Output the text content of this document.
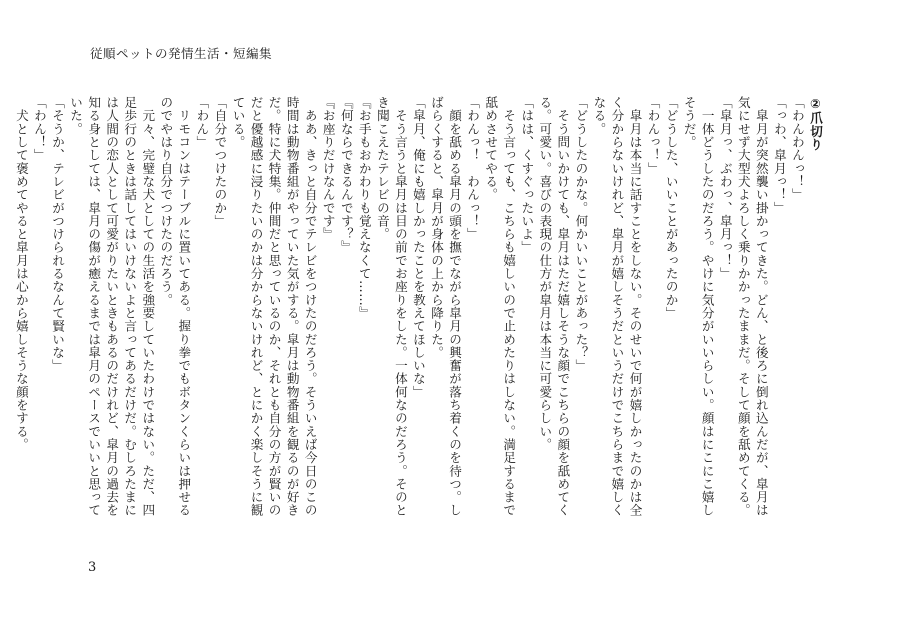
従順ペットの発情生活・短編集

②爪切り

「わんわんっ！」

「っわ、皐月っ！」

　皐月が突然襲い掛かってきた。どん、と後ろに倒れ込んだが、皐月は気にせず大型犬よろしく乗りかかったままだ。そして顔を舐めてくる。

「皐月っ、ぶわっ、皐月っ！」

　一体どうしたのだろう。やけに気分がいいらしい。顔はにこにこ嬉しそうだ。

「どうした、いいことがあったのか」

「わんっ！」

　皐月は本当に話すことをしない。そのせいで何が嬉しかったのかは全く分からないけれど、皐月が嬉しそうだというだけでこちらまで嬉しくなる。

「どうしたのかな。何かいいことがあった？」

　そう問いかけても、皐月はただ嬉しそうな顔でこちらの顔を舐めてくる。可愛い。喜びの表現の仕方が皐月は本当に可愛らしい。

「はは、くすぐったいよ」

　そう言っても、こちらも嬉しいので止めたりはしない。満足するまで舐めさせてやる。

「わんっ！　わんっ！」

　顔を舐める皐月の頭を撫でながら皐月の興奮が落ち着くのを待つ。しばらくすると、皐月が身体の上から降りた。

「皐月、俺にも嬉しかったことを教えてほしいな」

　そう言うと皐月は目の前でお座りをした。一体何なのだろう。そのとき聞こえたテレビの音。

『お手もおかわりも覚えなくて……』

『何ならできるんです？』

『お座りだけなんです』

　ああ、きっと自分でテレビをつけたのだろう。そういえば今日のこの時間は動物番組がやっていた気がする。皐月は動物番組を観るのが好きだ。特に犬特集。仲間だと思っているのか、それとも自分の方が賢いのだと優越感に浸りたいのかは分からないけれど、とにかく楽しそうに観ている。

「自分でつけたのか」

「わん」

　リモコンはテーブルに置いてある。握り拳でもボタンくらいは押せるのでやはり自分でつけたのだろう。

　元々、完璧な犬としての生活を強要していたわけではない。ただ、四足歩行のときは話してはいけないよと言ってあるだけだ。むしろたまには人間の恋人として可愛がりたいときもあるのだけれど、皐月の過去を知る身としては、皐月の傷が癒えるまでは皐月のペースでいいと思っていた。

「そうか、テレビがつけられるなんて賢いな」

「わん！」

　犬として褒めてやると皐月は心から嬉しそうな顔をする。

3
